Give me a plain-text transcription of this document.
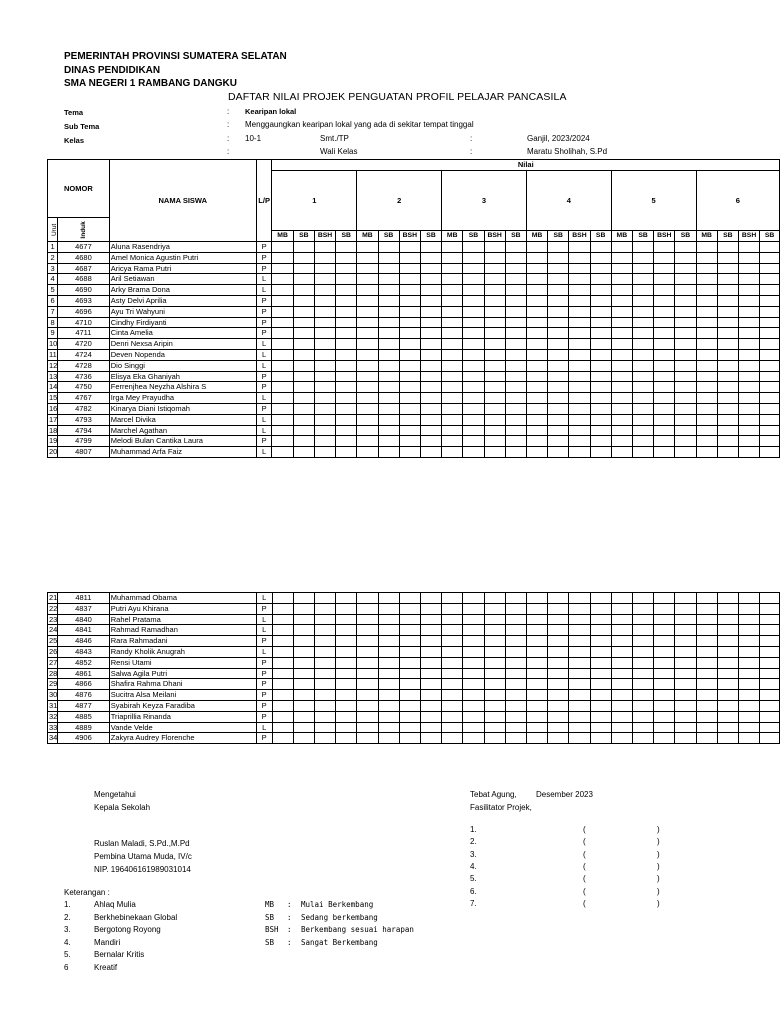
PEMERINTAH PROVINSI SUMATERA SELATAN
DINAS PENDIDIKAN
SMA NEGERI 1 RAMBANG DANGKU
DAFTAR NILAI PROJEK PENGUATAN PROFIL PELAJAR PANCASILA
Tema	: Kearipan lokal
Sub Tema	: Menggaungkan kearipan lokal yang ada di sekitar tempat tinggal
Kelas	: 10-1	Smt./TP	:	Ganjil, 2023/2024
:	Wali Kelas	:	Maratu Sholihah, S.Pd
NOMOR		NAMA SISWA	L/P	Nilai																							
				1				2				3				4				5				6			
Urut	Induk																										
				MB	SB	BSH	SB	MB	SB	BSH	SB	MB	SB	BSH	SB	MB	SB	BSH	SB	MB	SB	BSH	SB	MB	SB	BSH	SB
1	4677	Aluna Rasendriya	P																								
2	4680	Amel Monica Agustin Putri	P																								
3	4687	Aricya Rama Putri	P																								
4	4688	Aril Setiawan	L																								
5	4690	Arky Brama Dona	L																								
6	4693	Asty Delvi Aprilia	P																								
7	4696	Ayu Tri Wahyuni	P																								
8	4710	Cindhy Firdiyanti	P																								
9	4711	Cinta Amelia	P																								
10	4720	Denri Nexsa Aripin	L																								
11	4724	Deven Nopenda	L																								
12	4728	Dio Singgi	L																								
13	4736	Elisya Eka Ghaniyah	P																								
14	4750	Ferrenjhea Neyzha Alshira S	P																								
15	4767	Irga Mey Prayudha	L																								
16	4782	Kinarya Diani Istiqomah	P																								
17	4793	Marcel Divika	L																								
18	4794	Marchel Agathan	L																								
19	4799	Melodi Bulan Cantika Laura	P																								
20	4807	Muhammad Arfa Faiz	L																								
21	4811	Muhammad Obama	L																								
22	4837	Putri Ayu Khirana	P																								
23	4840	Rahel Pratama	L																								
24	4841	Rahmad Ramadhan	L																								
25	4846	Rara Rahmadani	P																								
26	4843	Randy Kholik Anugrah	L																								
27	4852	Rensi Utami	P																								
28	4861	Salwa Agila Putri	P																								
29	4866	Shafira Rahma Dhani	P																								
30	4876	Sucitra Alsa Meilani	P																								
31	4877	Syabirah Keyza Faradiba	P																								
32	4885	Triaprillia Rinanda	P																								
33	4889	Vande Velde	L																								
34	4906	Zakyra Audrey Florenche	P																								
Mengetahui
Kepala Sekolah
Ruslan Maladi, S.Pd.,M.Pd
Pembina Utama Muda, IV/c
NIP. 196406161989031014
Tebat Agung, Desember 2023
Fasilitator Projek,
1.	(	)
2.	(	)
3.	(	)
4.	(	)
5.	(	)
6.	(	)
7.	(	)
Keterangan :
1.	Ahlaq Mulia
2.	Berkhebinekaan Global
3.	Bergotong Royong
4.	Mandiri
5.	Bernalar Kritis
6	Kreatif
MB : Mulai Berkembang
SB : Sedang berkembang
BSH : Berkembang sesuai harapan
SB : Sangat Berkembang
